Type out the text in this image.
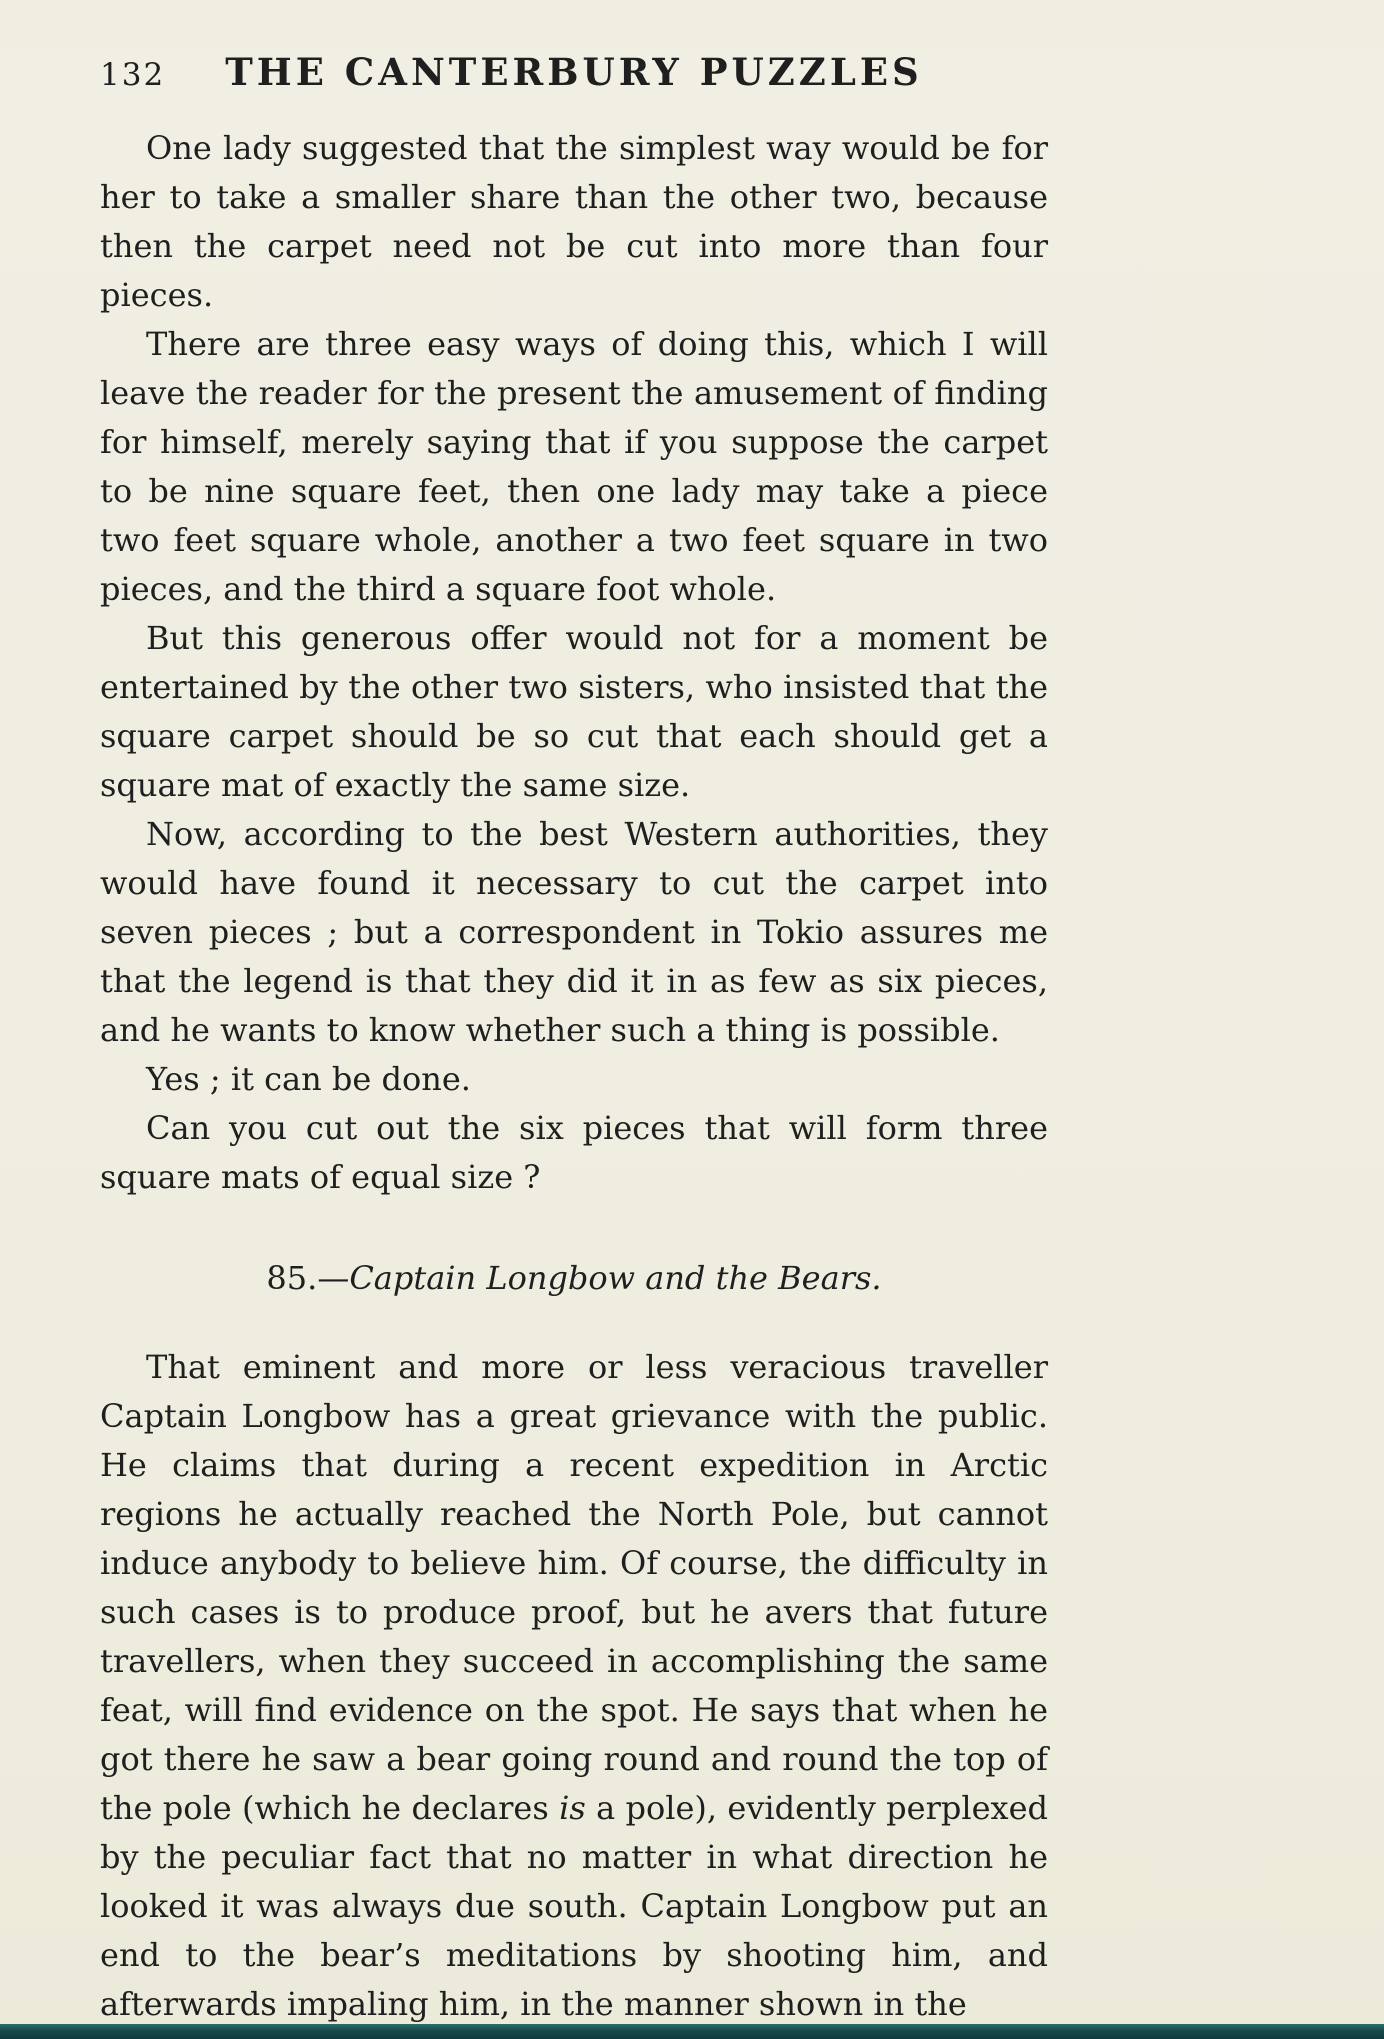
132	THE CANTERBURY PUZZLES

One lady suggested that the simplest way would be for her to take a smaller share than the other two, because then the carpet need not be cut into more than four pieces.

There are three easy ways of doing this, which I will leave the reader for the present the amusement of finding for himself, merely saying that if you suppose the carpet to be nine square feet, then one lady may take a piece two feet square whole, another a two feet square in two pieces, and the third a square foot whole.

But this generous offer would not for a moment be entertained by the other two sisters, who insisted that the square carpet should be so cut that each should get a square mat of exactly the same size.

Now, according to the best Western authorities, they would have found it necessary to cut the carpet into seven pieces ; but a correspondent in Tokio assures me that the legend is that they did it in as few as six pieces, and he wants to know whether such a thing is possible.

Yes ; it can be done.

Can you cut out the six pieces that will form three square mats of equal size ?

85.—Captain Longbow and the Bears.

That eminent and more or less veracious traveller Captain Longbow has a great grievance with the public. He claims that during a recent expedition in Arctic regions he actually reached the North Pole, but cannot induce anybody to believe him. Of course, the difficulty in such cases is to produce proof, but he avers that future travellers, when they succeed in accomplishing the same feat, will find evidence on the spot. He says that when he got there he saw a bear going round and round the top of the pole (which he declares is a pole), evidently perplexed by the peculiar fact that no matter in what direction he looked it was always due south. Captain Longbow put an end to the bear’s meditations by shooting him, and afterwards impaling him, in the manner shown in the
